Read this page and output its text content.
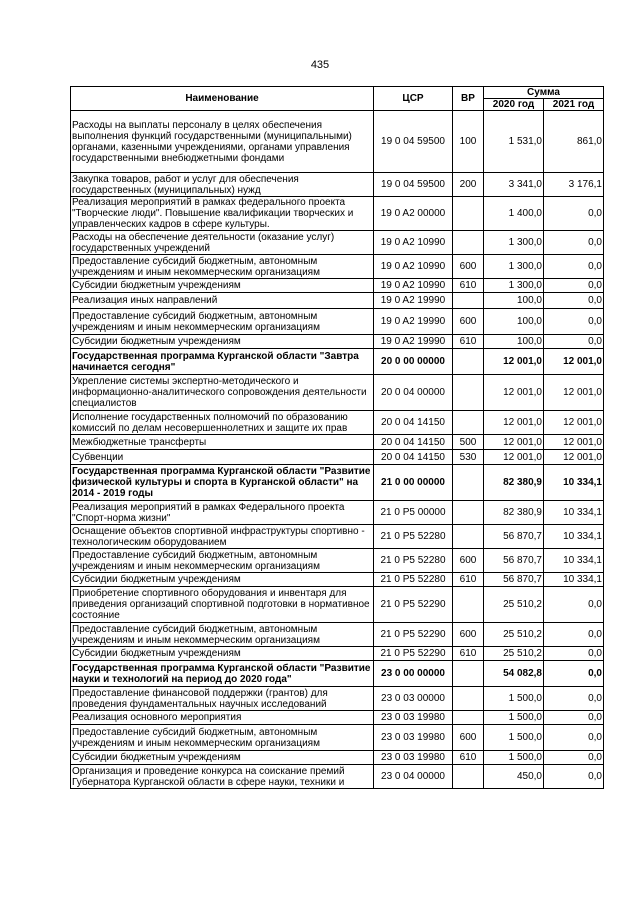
435
Наименование	ЦСР	ВР	Сумма	
			2020 год	2021 год
Расходы на выплаты персоналу в целях обеспечения выполнения функций государственными (муниципальными) органами, казенными учреждениями, органами управления государственными внебюджетными фондами	19 0 04 59500	100	1 531,0	861,0
Закупка товаров, работ и услуг для обеспечения государственных (муниципальных) нужд	19 0 04 59500	200	3 341,0	3 176,1
Реализация мероприятий в рамках федерального проекта "Творческие люди". Повышение квалификации творческих и управленческих кадров в сфере культуры.	19 0 A2 00000		1 400,0	0,0
Расходы на обеспечение деятельности (оказание услуг) государственных учреждений	19 0 A2 10990		1 300,0	0,0
Предоставление субсидий бюджетным, автономным учреждениям и иным некоммерческим организациям	19 0 A2 10990	600	1 300,0	0,0
Субсидии бюджетным учреждениям	19 0 A2 10990	610	1 300,0	0,0
Реализация иных направлений	19 0 A2 19990		100,0	0,0
Предоставление субсидий бюджетным, автономным учреждениям и иным некоммерческим организациям	19 0 A2 19990	600	100,0	0,0
Субсидии бюджетным учреждениям	19 0 A2 19990	610	100,0	0,0
Государственная программа Курганской области "Завтра начинается сегодня"	20 0 00 00000		12 001,0	12 001,0
Укрепление системы экспертно-методического и информационно-аналитического сопровождения деятельности специалистов	20 0 04 00000		12 001,0	12 001,0
Исполнение государственных полномочий по образованию комиссий по делам несовершеннолетних и защите их прав	20 0 04 14150		12 001,0	12 001,0
Межбюджетные трансферты	20 0 04 14150	500	12 001,0	12 001,0
Субвенции	20 0 04 14150	530	12 001,0	12 001,0
Государственная программа Курганской области "Развитие физической культуры и спорта в Курганской области" на 2014 - 2019 годы	21 0 00 00000		82 380,9	10 334,1
Реализация мероприятий в рамках Федерального проекта "Спорт-норма жизни"	21 0 P5 00000		82 380,9	10 334,1
Оснащение объектов спортивной инфраструктуры спортивно - технологическим оборудованием	21 0 P5 52280		56 870,7	10 334,1
Предоставление субсидий бюджетным, автономным учреждениям и иным некоммерческим организациям	21 0 P5 52280	600	56 870,7	10 334,1
Субсидии бюджетным учреждениям	21 0 P5 52280	610	56 870,7	10 334,1
Приобретение спортивного оборудования и инвентаря для приведения организаций спортивной подготовки в нормативное состояние	21 0 P5 52290		25 510,2	0,0
Предоставление субсидий бюджетным, автономным учреждениям и иным некоммерческим организациям	21 0 P5 52290	600	25 510,2	0,0
Субсидии бюджетным учреждениям	21 0 P5 52290	610	25 510,2	0,0
Государственная программа Курганской области "Развитие науки и технологий на период до 2020 года"	23 0 00 00000		54 082,8	0,0
Предоставление финансовой поддержки (грантов) для проведения фундаментальных научных исследований	23 0 03 00000		1 500,0	0,0
Реализация основного мероприятия	23 0 03 19980		1 500,0	0,0
Предоставление субсидий бюджетным, автономным учреждениям и иным некоммерческим организациям	23 0 03 19980	600	1 500,0	0,0
Субсидии бюджетным учреждениям	23 0 03 19980	610	1 500,0	0,0
Организация и проведение конкурса на соискание премий Губернатора Курганской области в сфере науки, техники и	23 0 04 00000		450,0	0,0
